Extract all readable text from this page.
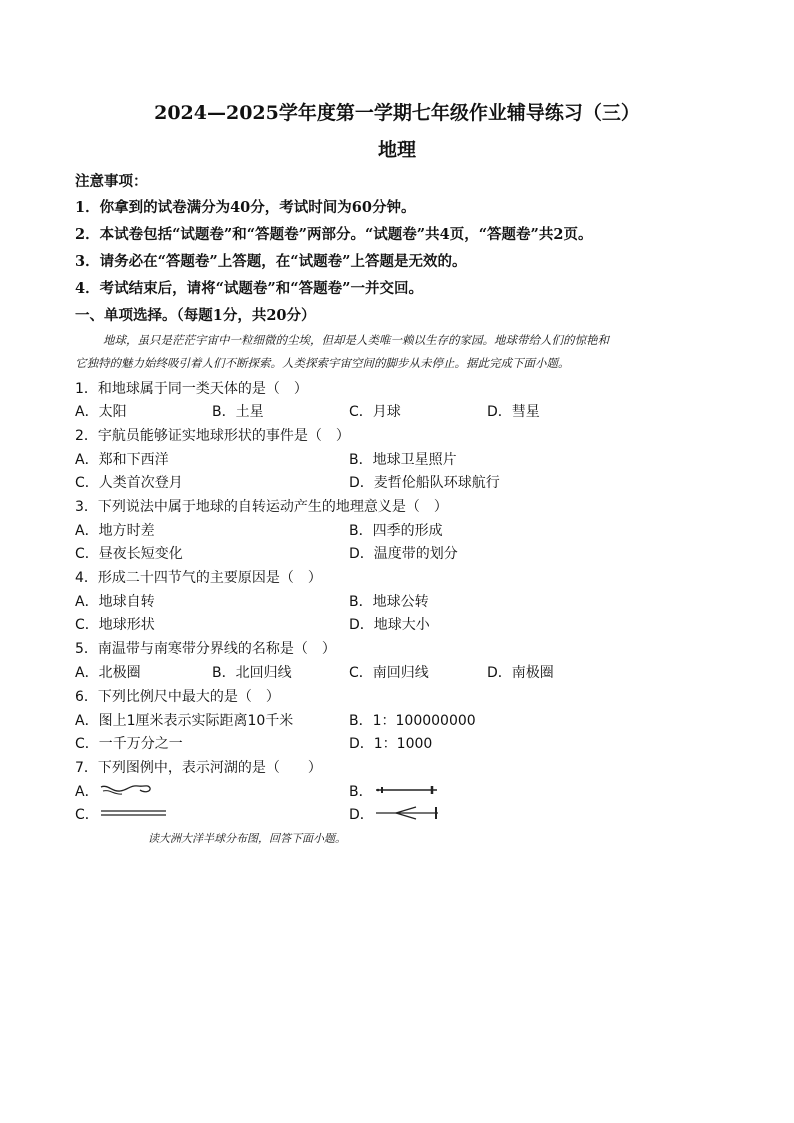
2024—2025学年度第一学期七年级作业辅导练习（三）
地理
注意事项：
1．你拿到的试卷满分为40分，考试时间为60分钟。
2．本试卷包括“试题卷”和“答题卷”两部分。“试题卷”共4页，“答题卷”共2页。
3．请务必在“答题卷”上答题，在“试题卷”上答题是无效的。
4．考试结束后，请将“试题卷”和“答题卷”一并交回。
一、单项选择。（每题1分，共20分）
地球，虽只是茫茫宇宙中一粒细微的尘埃，但却是人类唯一赖以生存的家园。地球带给人们的惊艳和
它独特的魅力始终吸引着人们不断探索。人类探索宇宙空间的脚步从未停止。据此完成下面小题。
1．和地球属于同一类天体的是（　）
A．太阳	B．土星	C．月球	D．彗星
2．宇航员能够证实地球形状的事件是（　）
A．郑和下西洋	B．地球卫星照片
C．人类首次登月	D．麦哲伦船队环球航行
3．下列说法中属于地球的自转运动产生的地理意义是（　）
A．地方时差	B．四季的形成
C．昼夜长短变化	D．温度带的划分
4．形成二十四节气的主要原因是（　）
A．地球自转	B．地球公转
C．地球形状	D．地球大小
5．南温带与南寒带分界线的名称是（　）
A．北极圈	B．北回归线	C．南回归线	D．南极圈
6．下列比例尺中最大的是（　）
A．图上1厘米表示实际距离10千米	B．1：100000000
C．一千万分之一	D．1：1000
7．下列图例中，表示河湖的是（　　）
A．	B．
C．	D．
读大洲大洋半球分布图，回答下面小题。
